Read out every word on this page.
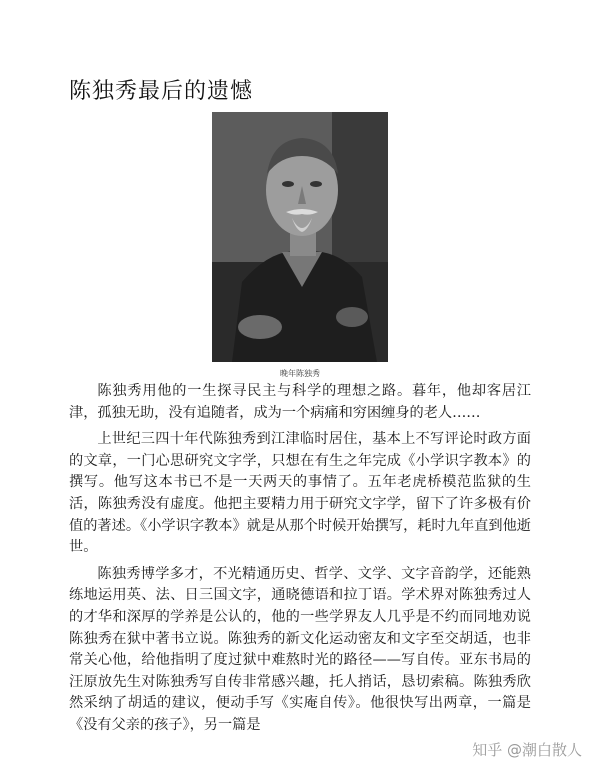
陈独秀最后的遗憾
晚年陈独秀

陈独秀用他的一生探寻民主与科学的理想之路。暮年，他却客居江津，孤独无助，没有追随者，成为一个病痛和穷困缠身的老人……

上世纪三四十年代陈独秀到江津临时居住，基本上不写评论时政方面的文章，一门心思研究文字学，只想在有生之年完成《小学识字教本》的撰写。他写这本书已不是一天两天的事情了。五年老虎桥模范监狱的生活，陈独秀没有虚度。他把主要精力用于研究文字学，留下了许多极有价值的著述。《小学识字教本》就是从那个时候开始撰写，耗时九年直到他逝世。

陈独秀博学多才，不光精通历史、哲学、文学、文字音韵学，还能熟练地运用英、法、日三国文字，通晓德语和拉丁语。学术界对陈独秀过人的才华和深厚的学养是公认的，他的一些学界友人几乎是不约而同地劝说陈独秀在狱中著书立说。陈独秀的新文化运动密友和文字至交胡适，也非常关心他，给他指明了度过狱中难熬时光的路径——写自传。亚东书局的汪原放先生对陈独秀写自传非常感兴趣，托人捎话，恳切索稿。陈独秀欣然采纳了胡适的建议，便动手写《实庵自传》。他很快写出两章，一篇是《没有父亲的孩子》，另一篇是

知乎 @潮白散人
